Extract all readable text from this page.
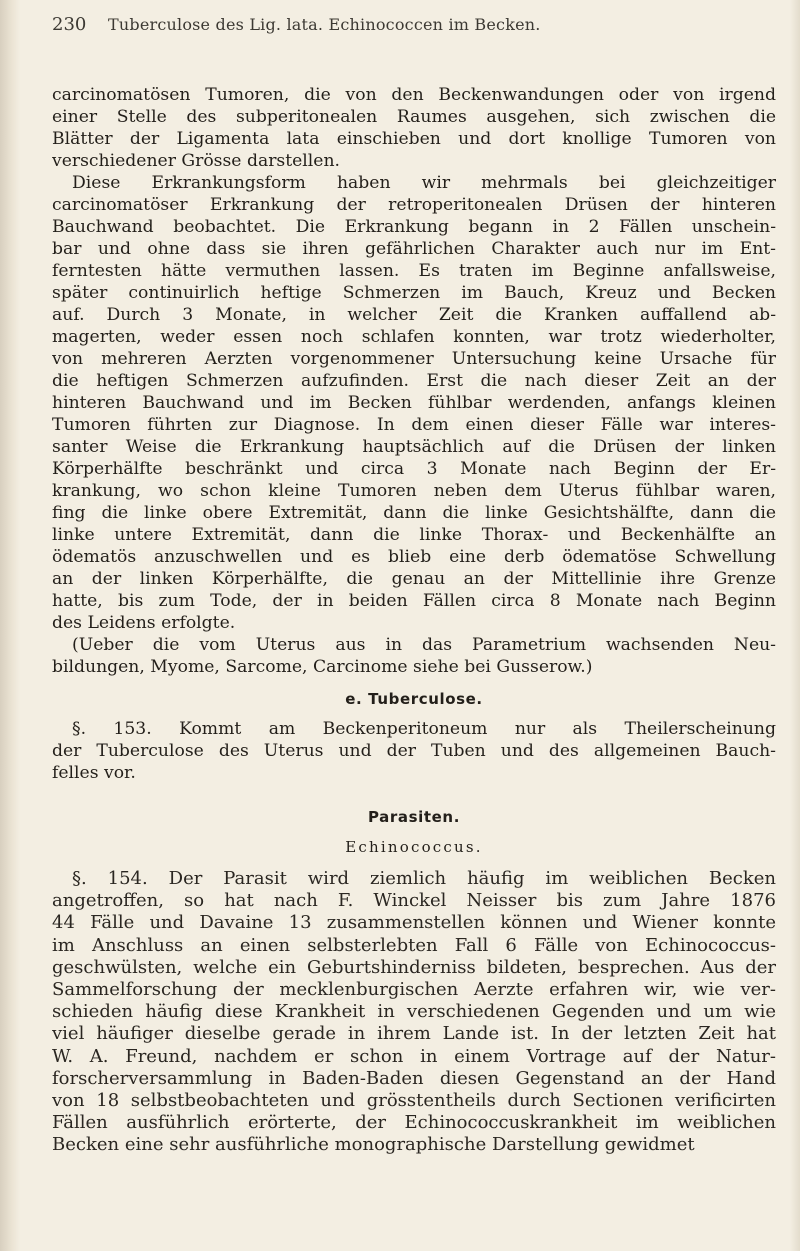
230	Tuberculose des Lig. lata. Echinococcen im Becken.
carcinomatösen Tumoren, die von den Beckenwandungen oder von irgend
einer Stelle des subperitonealen Raumes ausgehen, sich zwischen die
Blätter der Ligamenta lata einschieben und dort knollige Tumoren von
verschiedener Grösse darstellen.
Diese Erkrankungsform haben wir mehrmals bei gleichzeitiger
carcinomatöser Erkrankung der retroperitonealen Drüsen der hinteren
Bauchwand beobachtet. Die Erkrankung begann in 2 Fällen unschein-
bar und ohne dass sie ihren gefährlichen Charakter auch nur im Ent-
ferntesten hätte vermuthen lassen. Es traten im Beginne anfallsweise,
später continuirlich heftige Schmerzen im Bauch, Kreuz und Becken
auf. Durch 3 Monate, in welcher Zeit die Kranken auffallend ab-
magerten, weder essen noch schlafen konnten, war trotz wiederholter,
von mehreren Aerzten vorgenommener Untersuchung keine Ursache für
die heftigen Schmerzen aufzufinden. Erst die nach dieser Zeit an der
hinteren Bauchwand und im Becken fühlbar werdenden, anfangs kleinen
Tumoren führten zur Diagnose. In dem einen dieser Fälle war interes-
santer Weise die Erkrankung hauptsächlich auf die Drüsen der linken
Körperhälfte beschränkt und circa 3 Monate nach Beginn der Er-
krankung, wo schon kleine Tumoren neben dem Uterus fühlbar waren,
fing die linke obere Extremität, dann die linke Gesichtshälfte, dann die
linke untere Extremität, dann die linke Thorax- und Beckenhälfte an
ödematös anzuschwellen und es blieb eine derb ödematöse Schwellung
an der linken Körperhälfte, die genau an der Mittellinie ihre Grenze
hatte, bis zum Tode, der in beiden Fällen circa 8 Monate nach Beginn
des Leidens erfolgte.
(Ueber die vom Uterus aus in das Parametrium wachsenden Neu-
bildungen, Myome, Sarcome, Carcinome siehe bei Gusserow.)
e. Tuberculose.
§. 153. Kommt am Beckenperitoneum nur als Theilerscheinung
der Tuberculose des Uterus und der Tuben und des allgemeinen Bauch-
felles vor.
Parasiten.
Echinococcus.
§. 154. Der Parasit wird ziemlich häufig im weiblichen Becken
angetroffen, so hat nach F. Winckel Neisser bis zum Jahre 1876
44 Fälle und Davaine 13 zusammenstellen können und Wiener konnte
im Anschluss an einen selbsterlebten Fall 6 Fälle von Echinococcus-
geschwülsten, welche ein Geburtshinderniss bildeten, besprechen. Aus der
Sammelforschung der mecklenburgischen Aerzte erfahren wir, wie ver-
schieden häufig diese Krankheit in verschiedenen Gegenden und um wie
viel häufiger dieselbe gerade in ihrem Lande ist. In der letzten Zeit hat
W. A. Freund, nachdem er schon in einem Vortrage auf der Natur-
forscherversammlung in Baden-Baden diesen Gegenstand an der Hand
von 18 selbstbeobachteten und grösstentheils durch Sectionen verificirten
Fällen ausführlich erörterte, der Echinococcuskrankheit im weiblichen
Becken eine sehr ausführliche monographische Darstellung gewidmet
